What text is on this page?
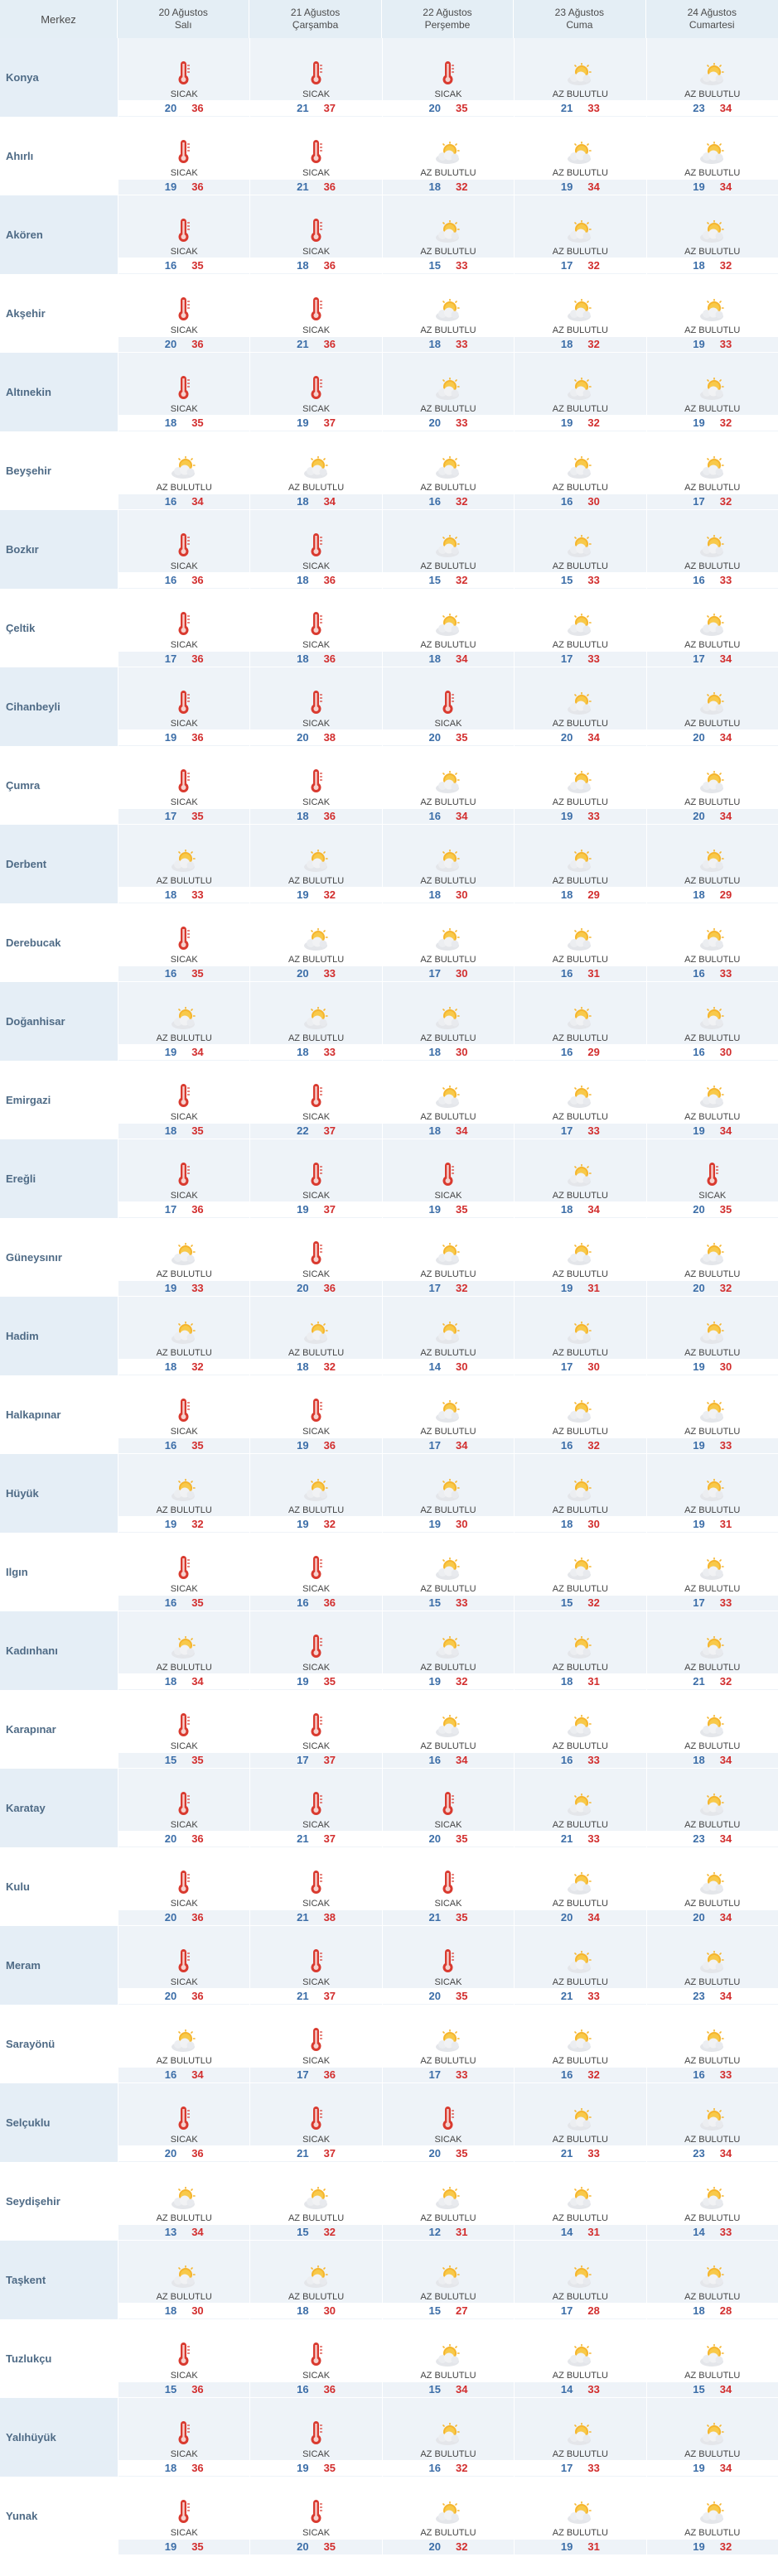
Merkez
20 Ağustos
Salı
21 Ağustos
Çarşamba
22 Ağustos
Perşembe
23 Ağustos
Cuma
24 Ağustos
Cumartesi
Konya
SICAK
20 36
SICAK
21 37
SICAK
20 35
AZ BULUTLU
21 33
AZ BULUTLU
23 34
Ahırlı
SICAK
19 36
SICAK
21 36
AZ BULUTLU
18 32
AZ BULUTLU
19 34
AZ BULUTLU
19 34
Akören
SICAK
16 35
SICAK
18 36
AZ BULUTLU
15 33
AZ BULUTLU
17 32
AZ BULUTLU
18 32
Akşehir
SICAK
20 36
SICAK
21 36
AZ BULUTLU
18 33
AZ BULUTLU
18 32
AZ BULUTLU
19 33
Altınekin
SICAK
18 35
SICAK
19 37
AZ BULUTLU
20 33
AZ BULUTLU
19 32
AZ BULUTLU
19 32
Beyşehir
AZ BULUTLU
16 34
AZ BULUTLU
18 34
AZ BULUTLU
16 32
AZ BULUTLU
16 30
AZ BULUTLU
17 32
Bozkır
SICAK
16 36
SICAK
18 36
AZ BULUTLU
15 32
AZ BULUTLU
15 33
AZ BULUTLU
16 33
Çeltik
SICAK
17 36
SICAK
18 36
AZ BULUTLU
18 34
AZ BULUTLU
17 33
AZ BULUTLU
17 34
Cihanbeyli
SICAK
19 36
SICAK
20 38
SICAK
20 35
AZ BULUTLU
20 34
AZ BULUTLU
20 34
Çumra
SICAK
17 35
SICAK
18 36
AZ BULUTLU
16 34
AZ BULUTLU
19 33
AZ BULUTLU
20 34
Derbent
AZ BULUTLU
18 33
AZ BULUTLU
19 32
AZ BULUTLU
18 30
AZ BULUTLU
18 29
AZ BULUTLU
18 29
Derebucak
SICAK
16 35
AZ BULUTLU
20 33
AZ BULUTLU
17 30
AZ BULUTLU
16 31
AZ BULUTLU
16 33
Doğanhisar
AZ BULUTLU
19 34
AZ BULUTLU
18 33
AZ BULUTLU
18 30
AZ BULUTLU
16 29
AZ BULUTLU
16 30
Emirgazi
SICAK
18 35
SICAK
22 37
AZ BULUTLU
18 34
AZ BULUTLU
17 33
AZ BULUTLU
19 34
Ereğli
SICAK
17 36
SICAK
19 37
SICAK
19 35
AZ BULUTLU
18 34
SICAK
20 35
Güneysınır
AZ BULUTLU
19 33
SICAK
20 36
AZ BULUTLU
17 32
AZ BULUTLU
19 31
AZ BULUTLU
20 32
Hadim
AZ BULUTLU
18 32
AZ BULUTLU
18 32
AZ BULUTLU
14 30
AZ BULUTLU
17 30
AZ BULUTLU
19 30
Halkapınar
SICAK
16 35
SICAK
19 36
AZ BULUTLU
17 34
AZ BULUTLU
16 32
AZ BULUTLU
19 33
Hüyük
AZ BULUTLU
19 32
AZ BULUTLU
19 32
AZ BULUTLU
19 30
AZ BULUTLU
18 30
AZ BULUTLU
19 31
Ilgın
SICAK
16 35
SICAK
16 36
AZ BULUTLU
15 33
AZ BULUTLU
15 32
AZ BULUTLU
17 33
Kadınhanı
AZ BULUTLU
18 34
SICAK
19 35
AZ BULUTLU
19 32
AZ BULUTLU
18 31
AZ BULUTLU
21 32
Karapınar
SICAK
15 35
SICAK
17 37
AZ BULUTLU
16 34
AZ BULUTLU
16 33
AZ BULUTLU
18 34
Karatay
SICAK
20 36
SICAK
21 37
SICAK
20 35
AZ BULUTLU
21 33
AZ BULUTLU
23 34
Kulu
SICAK
20 36
SICAK
21 38
SICAK
21 35
AZ BULUTLU
20 34
AZ BULUTLU
20 34
Meram
SICAK
20 36
SICAK
21 37
SICAK
20 35
AZ BULUTLU
21 33
AZ BULUTLU
23 34
Sarayönü
AZ BULUTLU
16 34
SICAK
17 36
AZ BULUTLU
17 33
AZ BULUTLU
16 32
AZ BULUTLU
16 33
Selçuklu
SICAK
20 36
SICAK
21 37
SICAK
20 35
AZ BULUTLU
21 33
AZ BULUTLU
23 34
Seydişehir
AZ BULUTLU
13 34
AZ BULUTLU
15 32
AZ BULUTLU
12 31
AZ BULUTLU
14 31
AZ BULUTLU
14 33
Taşkent
AZ BULUTLU
18 30
AZ BULUTLU
18 30
AZ BULUTLU
15 27
AZ BULUTLU
17 28
AZ BULUTLU
18 28
Tuzlukçu
SICAK
15 36
SICAK
16 36
AZ BULUTLU
15 34
AZ BULUTLU
14 33
AZ BULUTLU
15 34
Yalıhüyük
SICAK
18 36
SICAK
19 35
AZ BULUTLU
16 32
AZ BULUTLU
17 33
AZ BULUTLU
19 34
Yunak
SICAK
19 35
SICAK
20 35
AZ BULUTLU
20 32
AZ BULUTLU
19 31
AZ BULUTLU
19 32
